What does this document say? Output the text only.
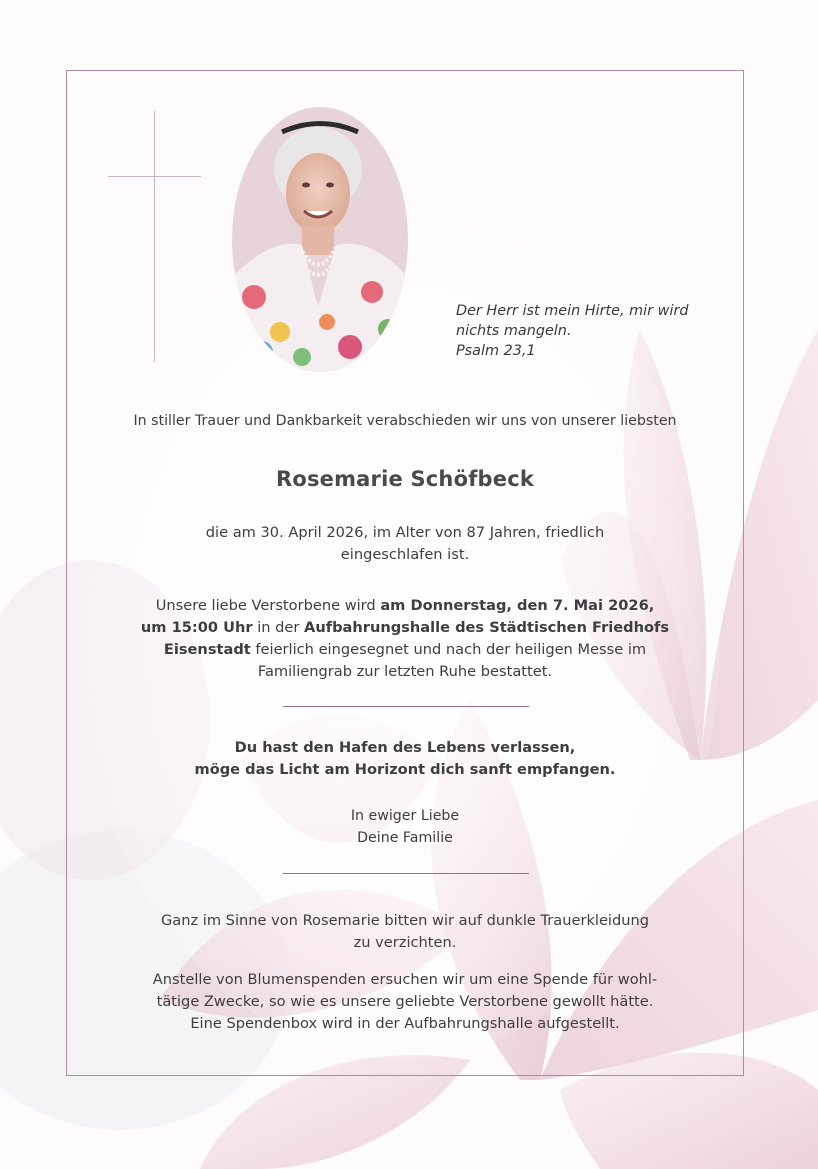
Der Herr ist mein Hirte, mir wird
nichts mangeln.
Psalm 23,1
In stiller Trauer und Dankbarkeit verabschieden wir uns von unserer liebsten
Rosemarie Schöfbeck
die am 30. April 2026, im Alter von 87 Jahren, friedlich
eingeschlafen ist.
Unsere liebe Verstorbene wird am Donnerstag, den 7. Mai 2026,
um 15:00 Uhr in der Aufbahrungshalle des Städtischen Friedhofs
Eisenstadt feierlich eingesegnet und nach der heiligen Messe im
Familiengrab zur letzten Ruhe bestattet.
Du hast den Hafen des Lebens verlassen,
möge das Licht am Horizont dich sanft empfangen.
In ewiger Liebe
Deine Familie
Ganz im Sinne von Rosemarie bitten wir auf dunkle Trauerkleidung
zu verzichten.
Anstelle von Blumenspenden ersuchen wir um eine Spende für wohl-
tätige Zwecke, so wie es unsere geliebte Verstorbene gewollt hätte.
Eine Spendenbox wird in der Aufbahrungshalle aufgestellt.
